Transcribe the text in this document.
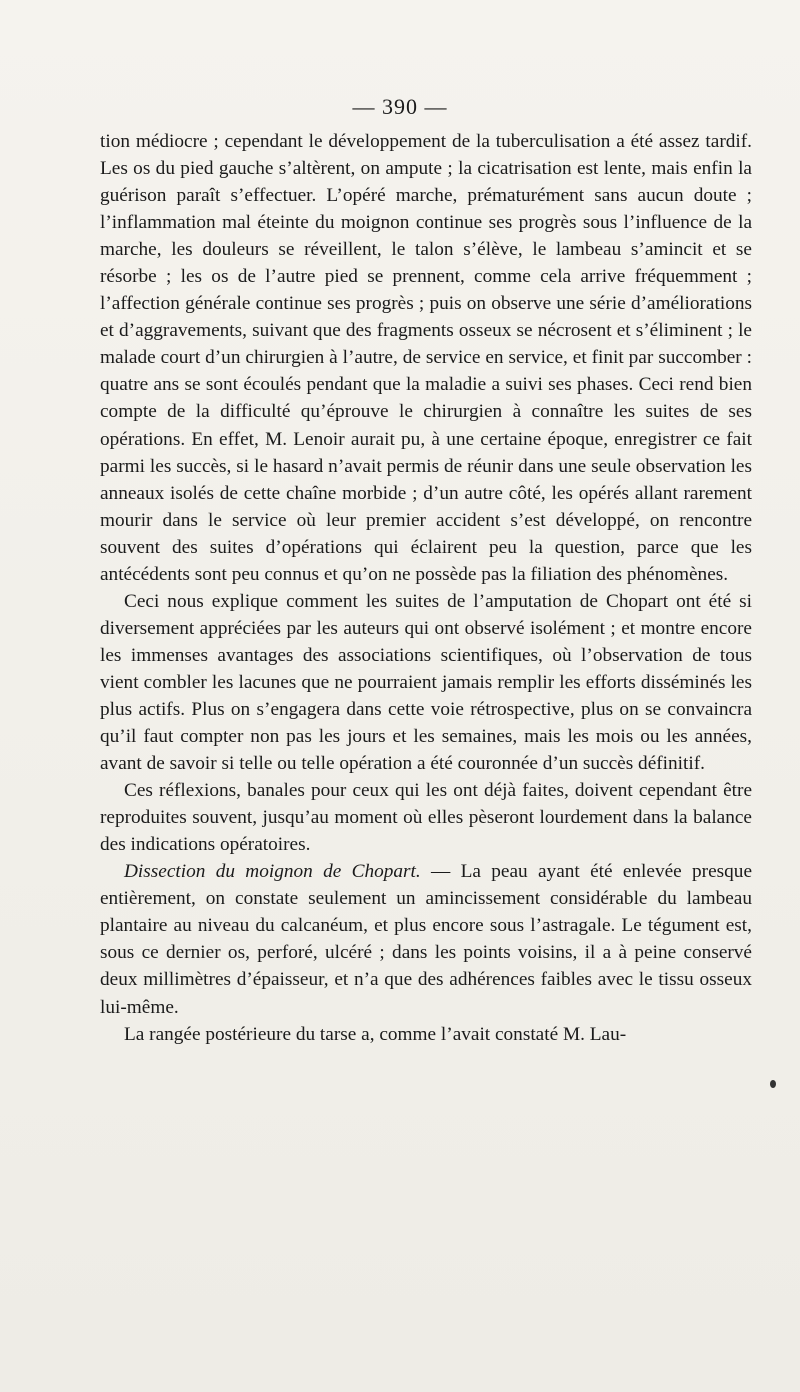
— 390 —

tion médiocre ; cependant le développement de la tuberculisation a été assez tardif. Les os du pied gauche s’altèrent, on ampute ; la cicatrisation est lente, mais enfin la guérison paraît s’effectuer. L’opéré marche, prématurément sans aucun doute ; l’inflammation mal éteinte du moignon continue ses progrès sous l’influence de la marche, les douleurs se réveillent, le talon s’élève, le lambeau s’amincit et se résorbe ; les os de l’autre pied se prennent, comme cela arrive fréquemment ; l’affection générale continue ses progrès ; puis on observe une série d’améliorations et d’aggravements, suivant que des fragments osseux se nécrosent et s’éliminent ; le malade court d’un chirurgien à l’autre, de service en service, et finit par succomber : quatre ans se sont écoulés pendant que la maladie a suivi ses phases. Ceci rend bien compte de la difficulté qu’éprouve le chirurgien à connaître les suites de ses opérations. En effet, M. Lenoir aurait pu, à une certaine époque, enregistrer ce fait parmi les succès, si le hasard n’avait permis de réunir dans une seule observation les anneaux isolés de cette chaîne morbide ; d’un autre côté, les opérés allant rarement mourir dans le service où leur premier accident s’est développé, on rencontre souvent des suites d’opérations qui éclairent peu la question, parce que les antécédents sont peu connus et qu’on ne possède pas la filiation des phénomènes.

Ceci nous explique comment les suites de l’amputation de Chopart ont été si diversement appréciées par les auteurs qui ont observé isolément ; et montre encore les immenses avantages des associations scientifiques, où l’observation de tous vient combler les lacunes que ne pourraient jamais remplir les efforts disséminés les plus actifs. Plus on s’engagera dans cette voie rétrospective, plus on se convaincra qu’il faut compter non pas les jours et les semaines, mais les mois ou les années, avant de savoir si telle ou telle opération a été couronnée d’un succès définitif.

Ces réflexions, banales pour ceux qui les ont déjà faites, doivent cependant être reproduites souvent, jusqu’au moment où elles pèseront lourdement dans la balance des indications opératoires.

Dissection du moignon de Chopart. — La peau ayant été enlevée presque entièrement, on constate seulement un amincissement considérable du lambeau plantaire au niveau du calcanéum, et plus encore sous l’astragale. Le tégument est, sous ce dernier os, perforé, ulcéré ; dans les points voisins, il a à peine conservé deux millimètres d’épaisseur, et n’a que des adhérences faibles avec le tissu osseux lui-même.

La rangée postérieure du tarse a, comme l’avait constaté M. Lau-
